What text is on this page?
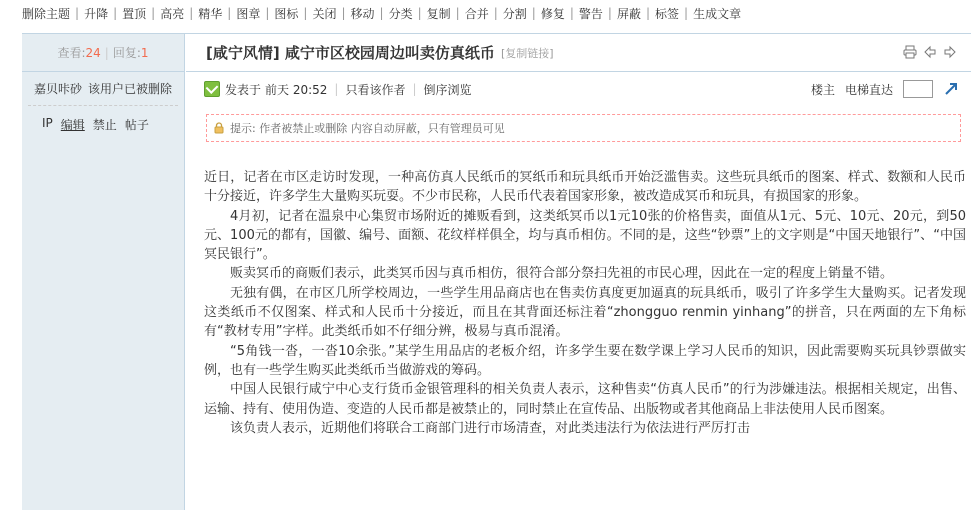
删除主题 | 升降 | 置顶 | 高亮 | 精华 | 图章 | 图标 | 关闭 | 移动 | 分类 | 复制 | 合并 | 分割 | 修复 | 警告 | 屏蔽 | 标签 | 生成文章
查看: 24 | 回复: 1
嘉贝咔砂 该用户已被删除
IP 编辑 禁止 帖子
[咸宁风情] 咸宁市区校园周边叫卖仿真纸币 [复制链接]
发表于 前天 20:52 | 只看该作者 | 倒序浏览	楼主 电梯直达
提示: 作者被禁止或删除 内容自动屏蔽，只有管理员可见

近日，记者在市区走访时发现，一种高仿真人民纸币的冥纸币和玩具纸币开始泛滥售卖。这些玩具纸币的图案、样式、数额和人民币十分接近，许多学生大量购买玩耍。不少市民称，人民币代表着国家形象，被改造成冥币和玩具，有损国家的形象。

4月初，记者在温泉中心集贸市场附近的摊贩看到，这类纸冥币以1元10张的价格售卖，面值从1元、5元、10元、20元，到50元、100元的都有，国徽、编号、面额、花纹样样俱全，均与真币相仿。不同的是，这些“钞票”上的文字则是“中国天地银行”、“中国冥民银行”。

贩卖冥币的商贩们表示，此类冥币因与真币相仿，很符合部分祭扫先祖的市民心理，因此在一定的程度上销量不错。

无独有偶，在市区几所学校周边，一些学生用品商店也在售卖仿真度更加逼真的玩具纸币，吸引了许多学生大量购买。记者发现这类纸币不仅图案、样式和人民币十分接近，而且在其背面还标注着“zhongguo renmin yinhang”的拼音，只在两面的左下角标有“教材专用”字样。此类纸币如不仔细分辨，极易与真币混淆。

“5角钱一沓，一沓10余张。”某学生用品店的老板介绍，许多学生要在数学课上学习人民币的知识，因此需要购买玩具钞票做实例，也有一些学生购买此类纸币当做游戏的筹码。

中国人民银行咸宁中心支行货币金银管理科的相关负责人表示，这种售卖“仿真人民币”的行为涉嫌违法。根据相关规定，出售、运输、持有、使用伪造、变造的人民币都是被禁止的，同时禁止在宣传品、出版物或者其他商品上非法使用人民币图案。

该负责人表示，近期他们将联合工商部门进行市场清查，对此类违法行为依法进行严厉打击
